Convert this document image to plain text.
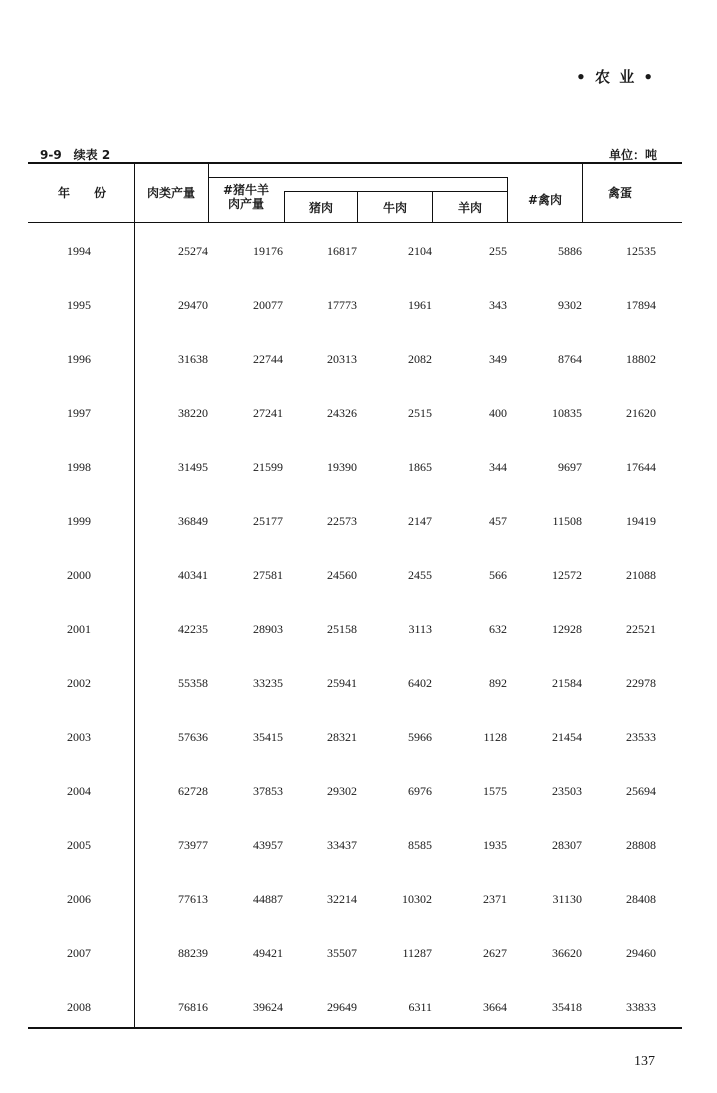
• 农 业 •
9-9　续表 2	单位：吨
年　　份	肉类产量	#猪牛羊
肉产量	猪肉	牛肉	羊肉
#禽肉	禽蛋
1994	25274	19176	16817	2104	255	5886	12535
1995	29470	20077	17773	1961	343	9302	17894
1996	31638	22744	20313	2082	349	8764	18802
1997	38220	27241	24326	2515	400	10835	21620
1998	31495	21599	19390	1865	344	9697	17644
1999	36849	25177	22573	2147	457	11508	19419
2000	40341	27581	24560	2455	566	12572	21088
2001	42235	28903	25158	3113	632	12928	22521
2002	55358	33235	25941	6402	892	21584	22978
2003	57636	35415	28321	5966	1128	21454	23533
2004	62728	37853	29302	6976	1575	23503	25694
2005	73977	43957	33437	8585	1935	28307	28808
2006	77613	44887	32214	10302	2371	31130	28408
2007	88239	49421	35507	11287	2627	36620	29460
2008	76816	39624	29649	6311	3664	35418	33833
137
